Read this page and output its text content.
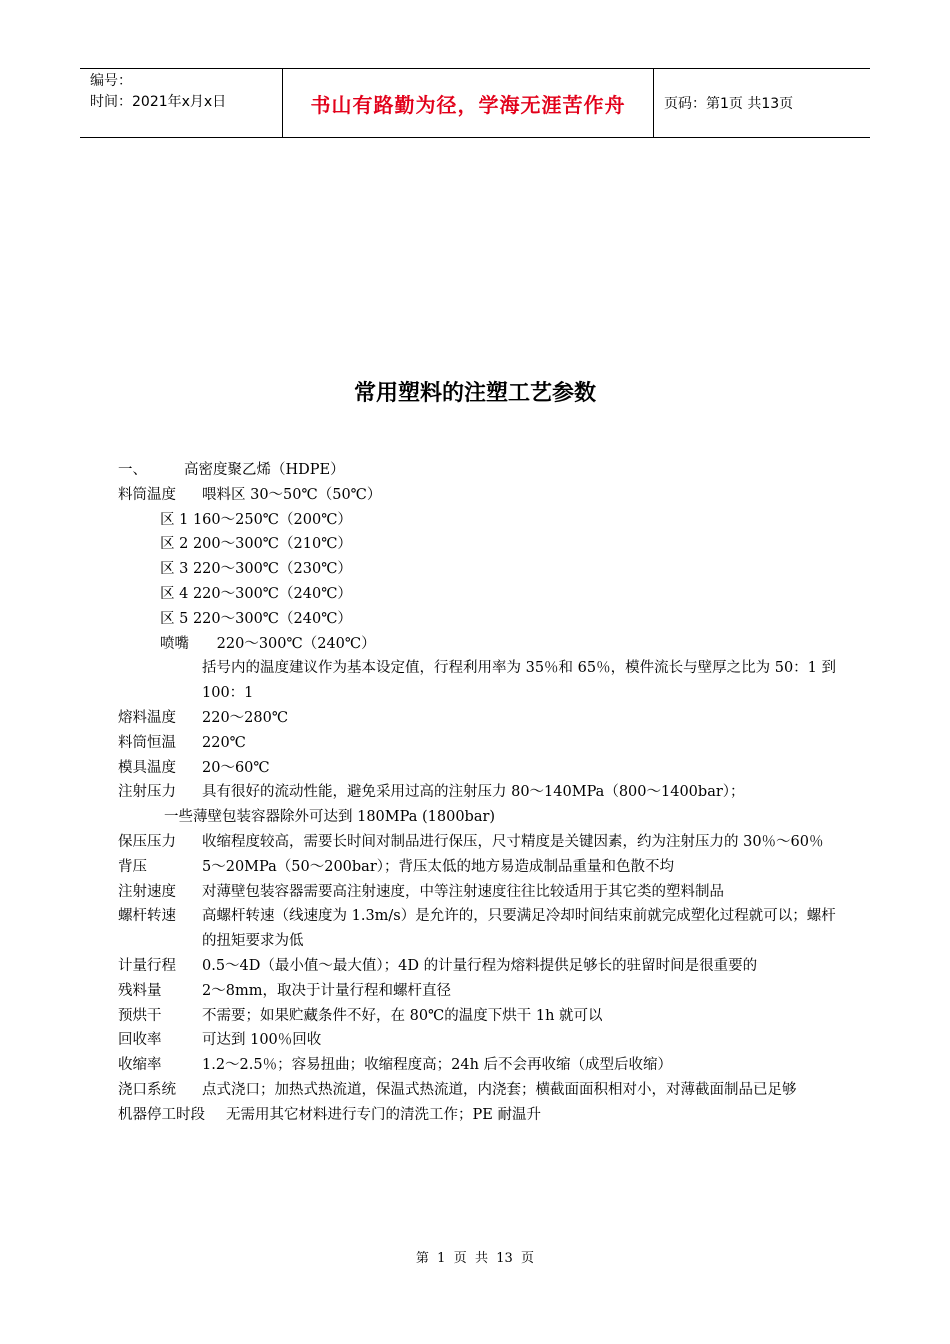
编号：
时间：2021年x月x日	书山有路勤为径，学海无涯苦作舟	页码：第1页 共13页
常用塑料的注塑工艺参数
一、	高密度聚乙烯（HDPE）
料筒温度	喂料区 30～50℃（50℃）
区 1 160～250℃（200℃）
区 2 200～300℃（210℃）
区 3 220～300℃（230℃）
区 4 220～300℃（240℃）
区 5 220～300℃（240℃）
喷嘴      220～300℃（240℃）
括号内的温度建议作为基本设定值，行程利用率为 35％和 65％，模件流长与壁厚之比为 50：1 到 100：1
熔料温度	220～280℃
料筒恒温	220℃
模具温度	20～60℃
注射压力	具有很好的流动性能，避免采用过高的注射压力 80～140MPa（800～1400bar）；
一些薄壁包装容器除外可达到 180MPa (1800bar)
保压压力	收缩程度较高，需要长时间对制品进行保压，尺寸精度是关键因素，约为注射压力的 30％～60％
背压	5～20MPa（50～200bar）；背压太低的地方易造成制品重量和色散不均
注射速度	对薄壁包装容器需要高注射速度，中等注射速度往往比较适用于其它类的塑料制品
螺杆转速	高螺杆转速（线速度为 1.3m/s）是允许的，只要满足冷却时间结束前就完成塑化过程就可以；螺杆的扭矩要求为低
计量行程	0.5～4D（最小值～最大值）；4D 的计量行程为熔料提供足够长的驻留时间是很重要的
残料量	2～8mm，取决于计量行程和螺杆直径
预烘干	不需要；如果贮藏条件不好，在 80℃的温度下烘干 1h 就可以
回收率	可达到 100％回收
收缩率	1.2～2.5％；容易扭曲；收缩程度高；24h 后不会再收缩（成型后收缩）
浇口系统	点式浇口；加热式热流道，保温式热流道，内浇套；横截面面积相对小，对薄截面制品已足够
机器停工时段	无需用其它材料进行专门的清洗工作；PE 耐温升
第  1  页  共  13  页
